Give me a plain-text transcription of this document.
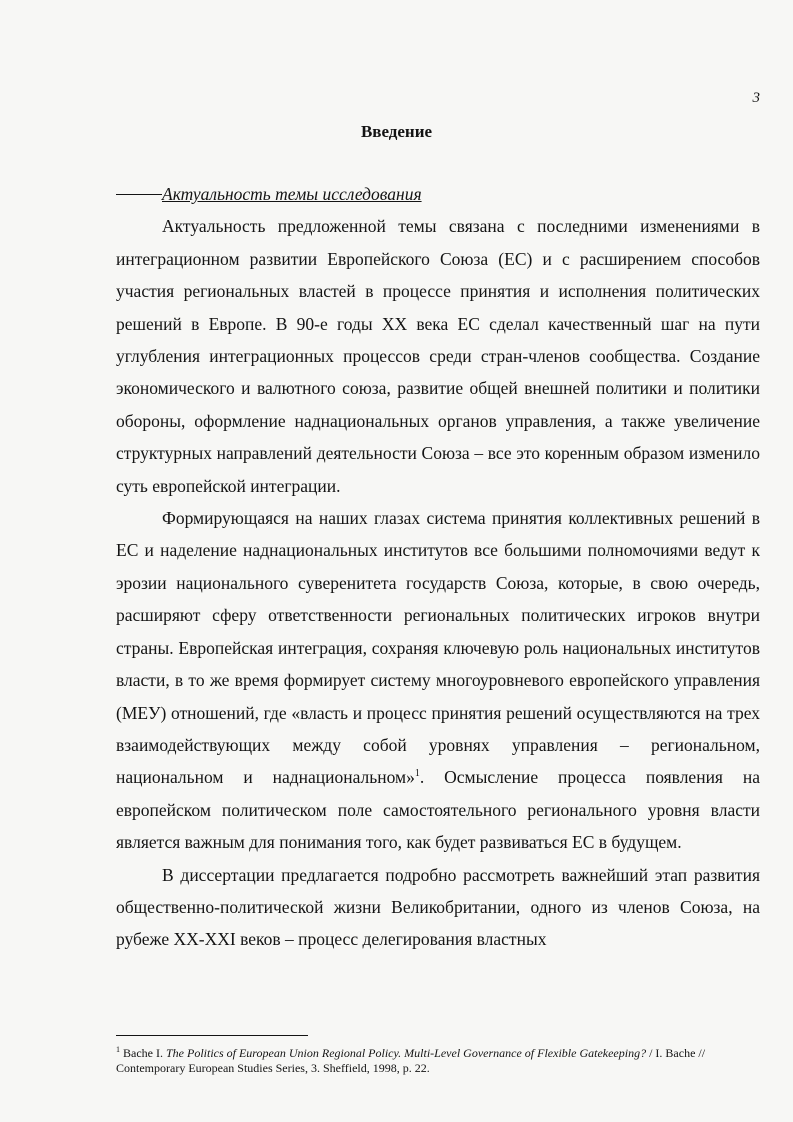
3
Введение
Актуальность темы исследования

Актуальность предложенной темы связана с последними изменениями в интеграционном развитии Европейского Союза (ЕС) и с расширением способов участия региональных властей в процессе принятия и исполнения политических решений в Европе. В 90-е годы XX века ЕС сделал качественный шаг на пути углубления интеграционных процессов среди стран-членов сообщества. Создание экономического и валютного союза, развитие общей внешней политики и политики обороны, оформление наднациональных органов управления, а также увеличение структурных направлений деятельности Союза – все это коренным образом изменило суть европейской интеграции.

Формирующаяся на наших глазах система принятия коллективных решений в ЕС и наделение наднациональных институтов все большими полномочиями ведут к эрозии национального суверенитета государств Союза, которые, в свою очередь, расширяют сферу ответственности региональных политических игроков внутри страны. Европейская интеграция, сохраняя ключевую роль национальных институтов власти, в то же время формирует систему многоуровневого европейского управления (МЕУ) отношений, где «власть и процесс принятия решений осуществляются на трех взаимодействующих между собой уровнях управления – региональном, национальном и наднациональном»$^1$. Осмысление процесса появления на европейском политическом поле самостоятельного регионального уровня власти является важным для понимания того, как будет развиваться ЕС в будущем.

В диссертации предлагается подробно рассмотреть важнейший этап развития общественно-политической жизни Великобритании, одного из членов Союза, на рубеже XX-XXI веков – процесс делегирования властных

$^1$ Bache I. The Politics of European Union Regional Policy. Multi-Level Governance of Flexible Gatekeeping? / I. Bache // Contemporary European Studies Series, 3. Sheffield, 1998, p. 22.
